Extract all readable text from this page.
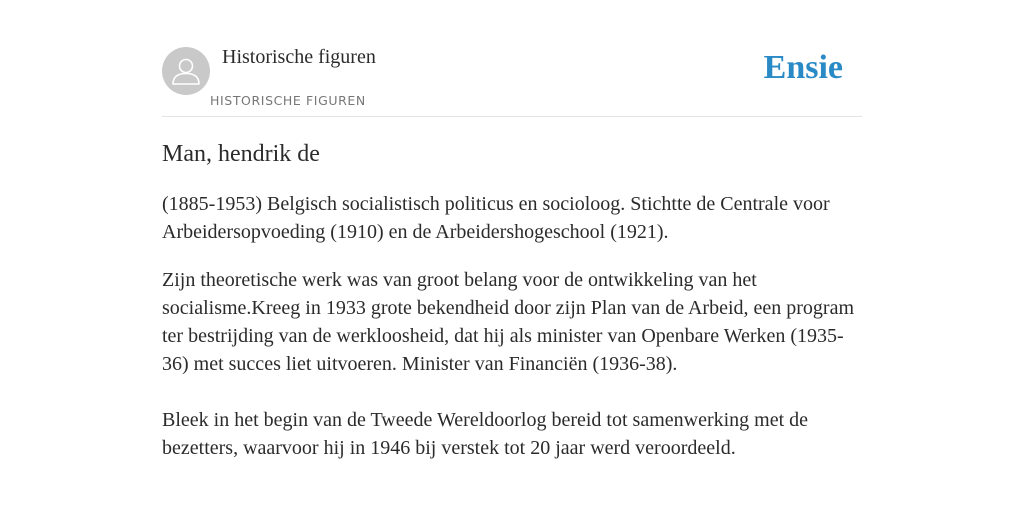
Historische figuren
HISTORISCHE FIGUREN
Ensie
Man, hendrik de

(1885-1953) Belgisch socialistisch politicus en socioloog. Stichtte de Centrale voor Arbeidersopvoeding (1910) en de Arbeidershogeschool (1921).

Zijn theoretische werk was van groot belang voor de ontwikkeling van het socialisme.Kreeg in 1933 grote bekendheid door zijn Plan van de Arbeid, een program ter bestrijding van de werkloosheid, dat hij als minister van Openbare Werken (1935-36) met succes liet uitvoeren. Minister van Financiën (1936-38).

Bleek in het begin van de Tweede Wereldoorlog bereid tot samenwerking met de bezetters, waarvoor hij in 1946 bij verstek tot 20 jaar werd veroordeeld.
